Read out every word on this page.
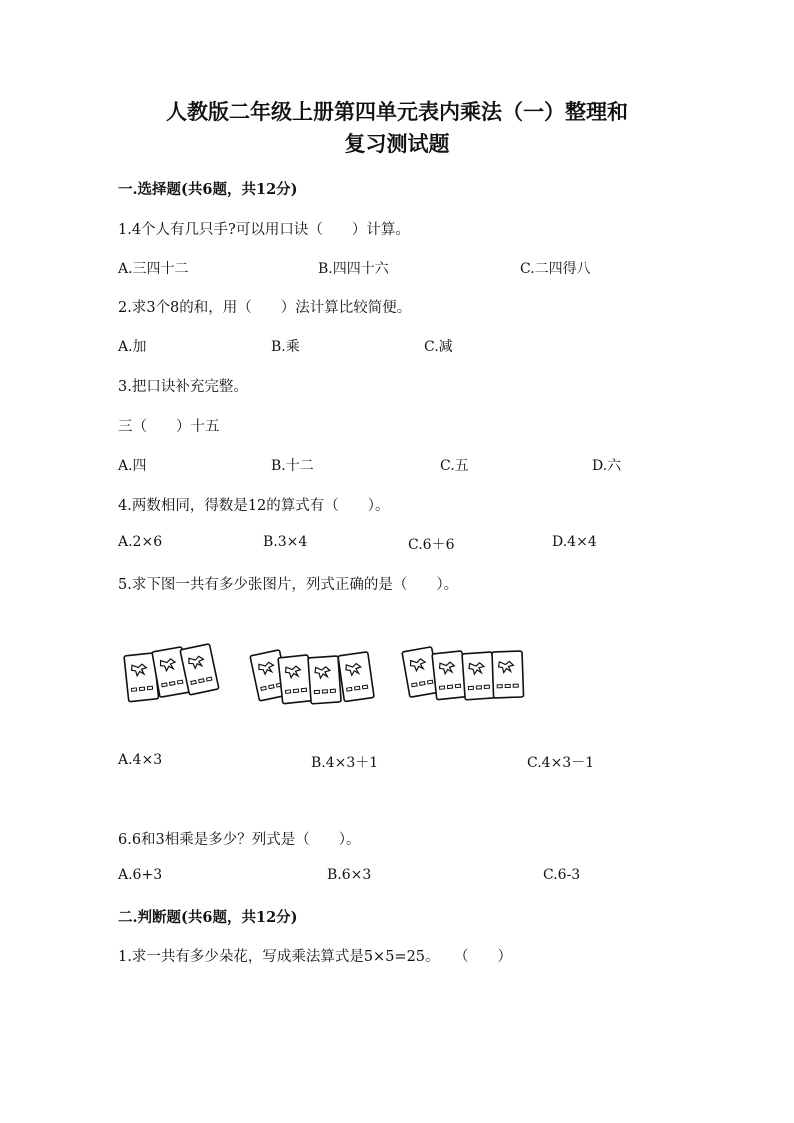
人教版二年级上册第四单元表内乘法（一）整理和
复习测试题
一.选择题(共6题，共12分)
1.4个人有几只手?可以用口诀（　　）计算。
A.三四十二	B.四四十六	C.二四得八
2.求3个8的和，用（　　）法计算比较简便。
A.加	B.乘	C.减
3.把口诀补充完整。
三（　　）十五
A.四	B.十二	C.五	D.六
4.两数相同，得数是12的算式有（　　）。
A.2×6	B.3×4	C.6＋6	D.4×4
5.求下图一共有多少张图片，列式正确的是（　　）。
A.4×3	B.4×3＋1	C.4×3－1
6.6和3相乘是多少？列式是（　　）。
A.6+3	B.6×3	C.6-3
二.判断题(共6题，共12分)
1.求一共有多少朵花，写成乘法算式是5×5=25。　　（　　）
